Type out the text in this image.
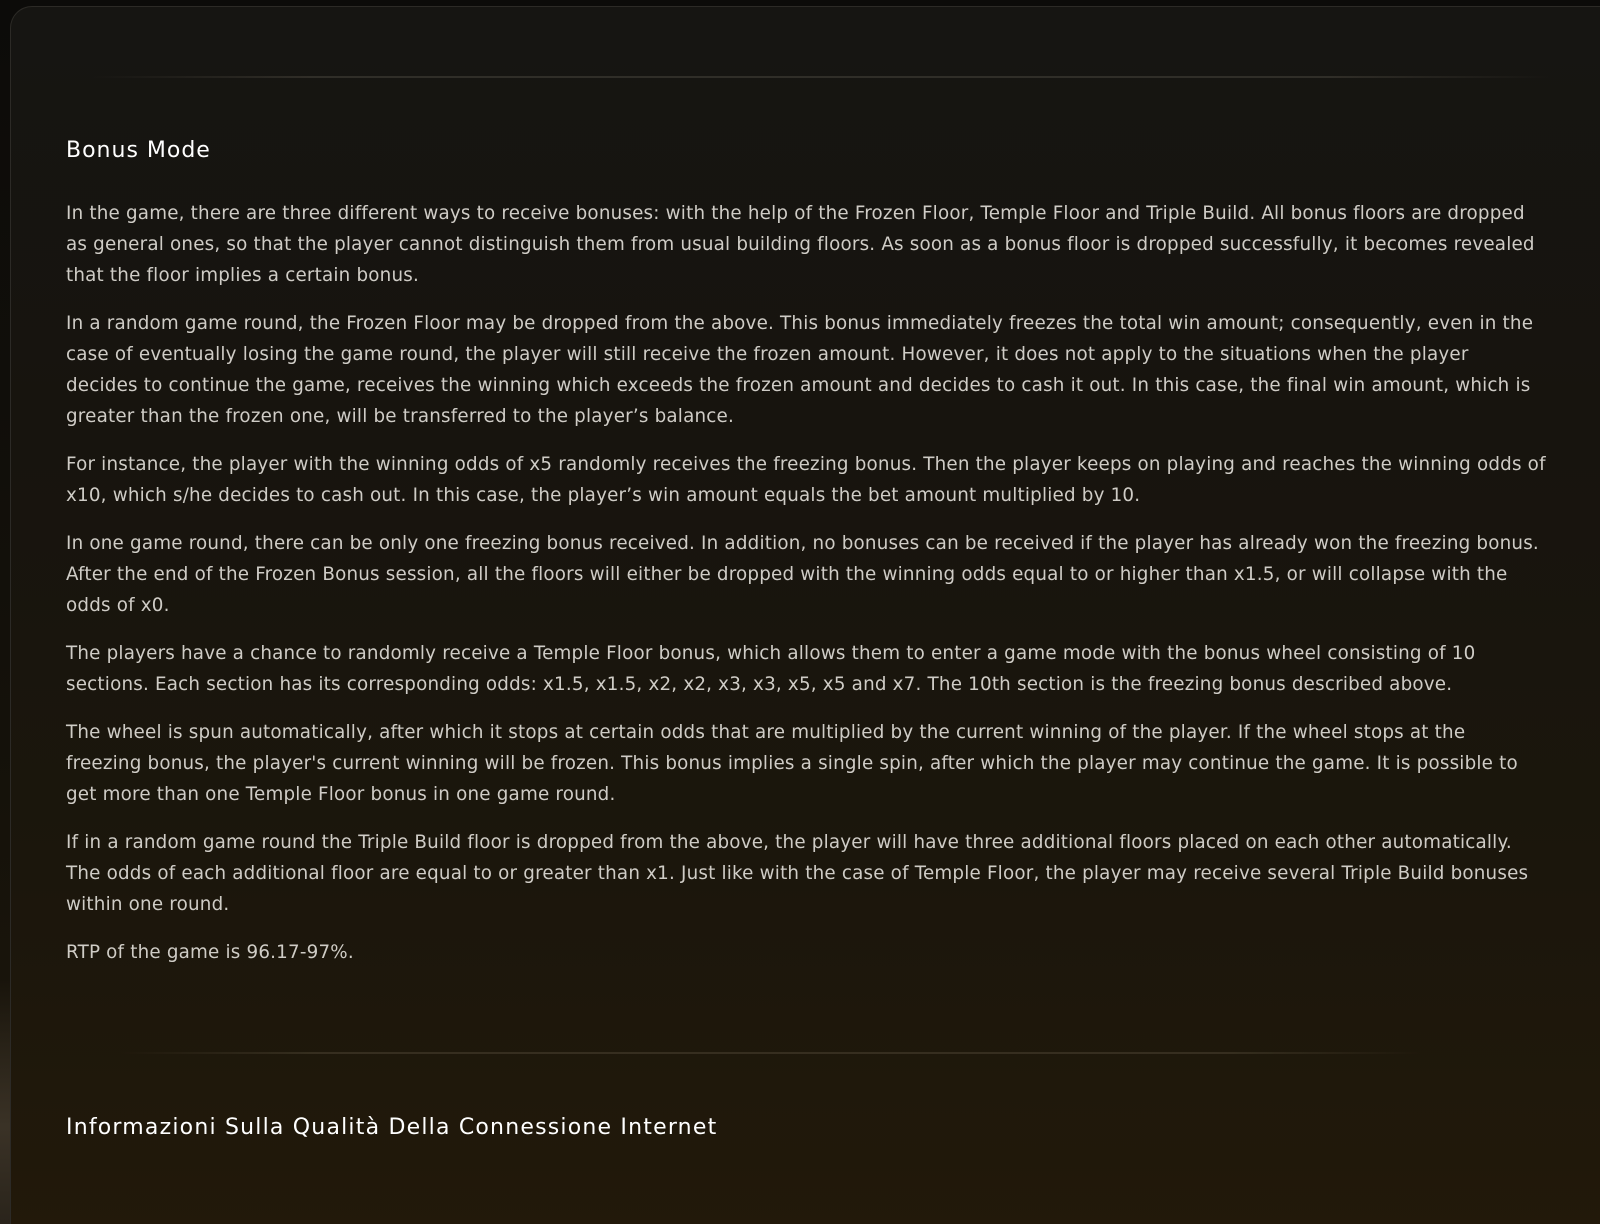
Bonus Mode

In the game, there are three different ways to receive bonuses: with the help of the Frozen Floor, Temple Floor and Triple Build. All bonus floors are dropped as general ones, so that the player cannot distinguish them from usual building floors. As soon as a bonus floor is dropped successfully, it becomes revealed that the floor implies a certain bonus.

In a random game round, the Frozen Floor may be dropped from the above. This bonus immediately freezes the total win amount; consequently, even in the case of eventually losing the game round, the player will still receive the frozen amount. However, it does not apply to the situations when the player decides to continue the game, receives the winning which exceeds the frozen amount and decides to cash it out. In this case, the final win amount, which is greater than the frozen one, will be transferred to the player’s balance.

For instance, the player with the winning odds of x5 randomly receives the freezing bonus. Then the player keeps on playing and reaches the winning odds of x10, which s/he decides to cash out. In this case, the player’s win amount equals the bet amount multiplied by 10.

In one game round, there can be only one freezing bonus received. In addition, no bonuses can be received if the player has already won the freezing bonus. After the end of the Frozen Bonus session, all the floors will either be dropped with the winning odds equal to or higher than x1.5, or will collapse with the odds of x0.

The players have a chance to randomly receive a Temple Floor bonus, which allows them to enter a game mode with the bonus wheel consisting of 10 sections. Each section has its corresponding odds: x1.5, x1.5, x2, x2, x3, x3, x5, x5 and x7. The 10th section is the freezing bonus described above.

The wheel is spun automatically, after which it stops at certain odds that are multiplied by the current winning of the player. If the wheel stops at the freezing bonus, the player's current winning will be frozen. This bonus implies a single spin, after which the player may continue the game. It is possible to get more than one Temple Floor bonus in one game round.

If in a random game round the Triple Build floor is dropped from the above, the player will have three additional floors placed on each other automatically. The odds of each additional floor are equal to or greater than x1. Just like with the case of Temple Floor, the player may receive several Triple Build bonuses within one round.

RTP of the game is 96.17-97%.

Informazioni Sulla Qualità Della Connessione Internet
